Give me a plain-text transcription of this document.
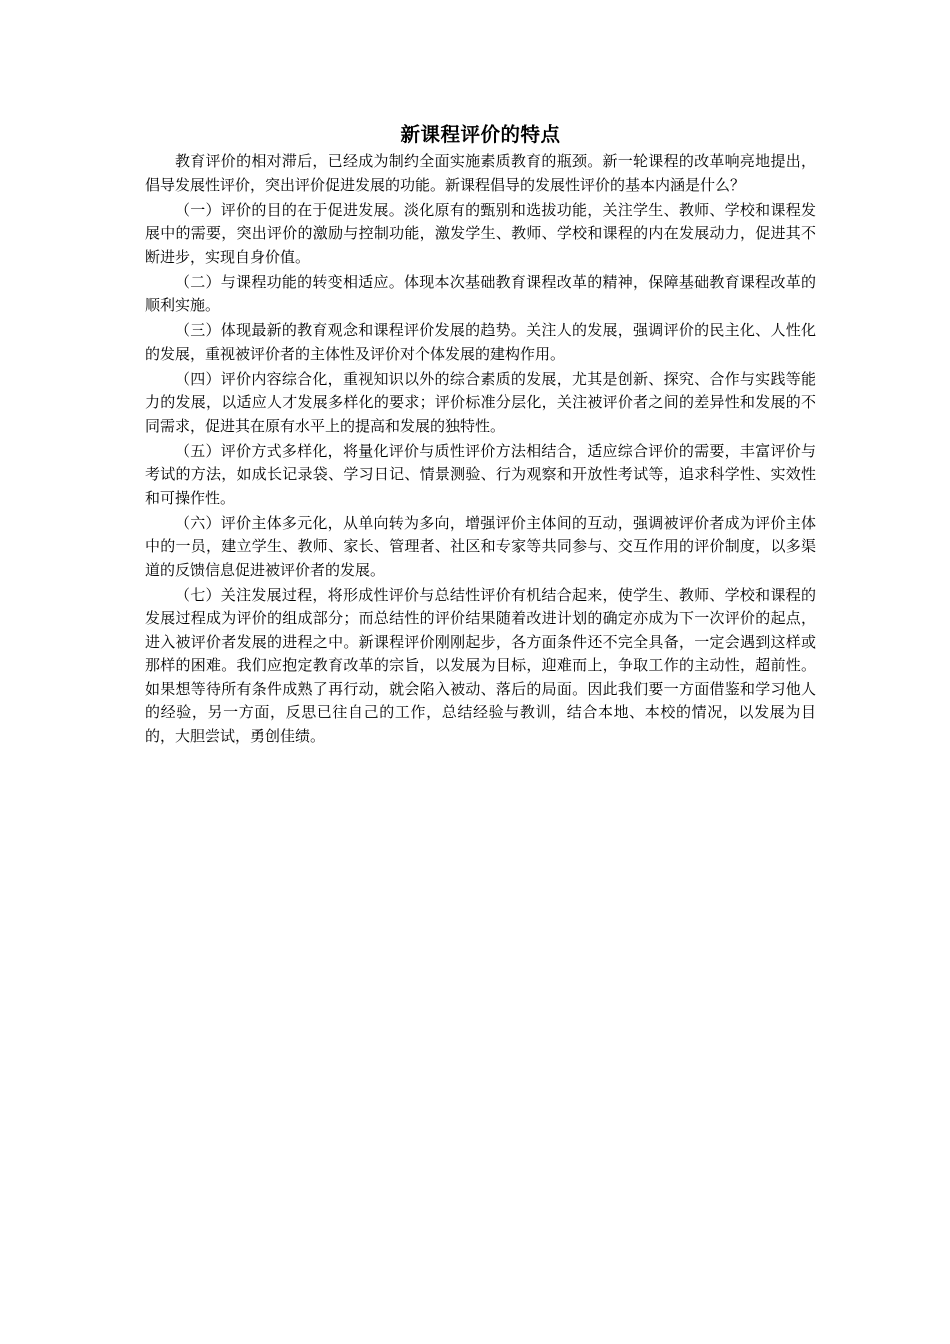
新课程评价的特点

教育评价的相对滞后，已经成为制约全面实施素质教育的瓶颈。新一轮课程的改革响亮地提出，倡导发展性评价，突出评价促进发展的功能。新课程倡导的发展性评价的基本内涵是什么？

（一）评价的目的在于促进发展。淡化原有的甄别和选拔功能，关注学生、教师、学校和课程发展中的需要，突出评价的激励与控制功能，激发学生、教师、学校和课程的内在发展动力，促进其不断进步，实现自身价值。

（二）与课程功能的转变相适应。体现本次基础教育课程改革的精神，保障基础教育课程改革的顺利实施。

（三）体现最新的教育观念和课程评价发展的趋势。关注人的发展，强调评价的民主化、人性化的发展，重视被评价者的主体性及评价对个体发展的建构作用。

（四）评价内容综合化，重视知识以外的综合素质的发展，尤其是创新、探究、合作与实践等能力的发展，以适应人才发展多样化的要求；评价标准分层化，关注被评价者之间的差异性和发展的不同需求，促进其在原有水平上的提高和发展的独特性。

（五）评价方式多样化，将量化评价与质性评价方法相结合，适应综合评价的需要，丰富评价与考试的方法，如成长记录袋、学习日记、情景测验、行为观察和开放性考试等，追求科学性、实效性和可操作性。

（六）评价主体多元化，从单向转为多向，增强评价主体间的互动，强调被评价者成为评价主体中的一员，建立学生、教师、家长、管理者、社区和专家等共同参与、交互作用的评价制度，以多渠道的反馈信息促进被评价者的发展。

（七）关注发展过程，将形成性评价与总结性评价有机结合起来，使学生、教师、学校和课程的发展过程成为评价的组成部分；而总结性的评价结果随着改进计划的确定亦成为下一次评价的起点，进入被评价者发展的进程之中。新课程评价刚刚起步，各方面条件还不完全具备，一定会遇到这样或那样的困难。我们应抱定教育改革的宗旨，以发展为目标，迎难而上，争取工作的主动性，超前性。如果想等待所有条件成熟了再行动，就会陷入被动、落后的局面。因此我们要一方面借鉴和学习他人的经验，另一方面，反思已往自己的工作，总结经验与教训，结合本地、本校的情况，以发展为目的，大胆尝试，勇创佳绩。
